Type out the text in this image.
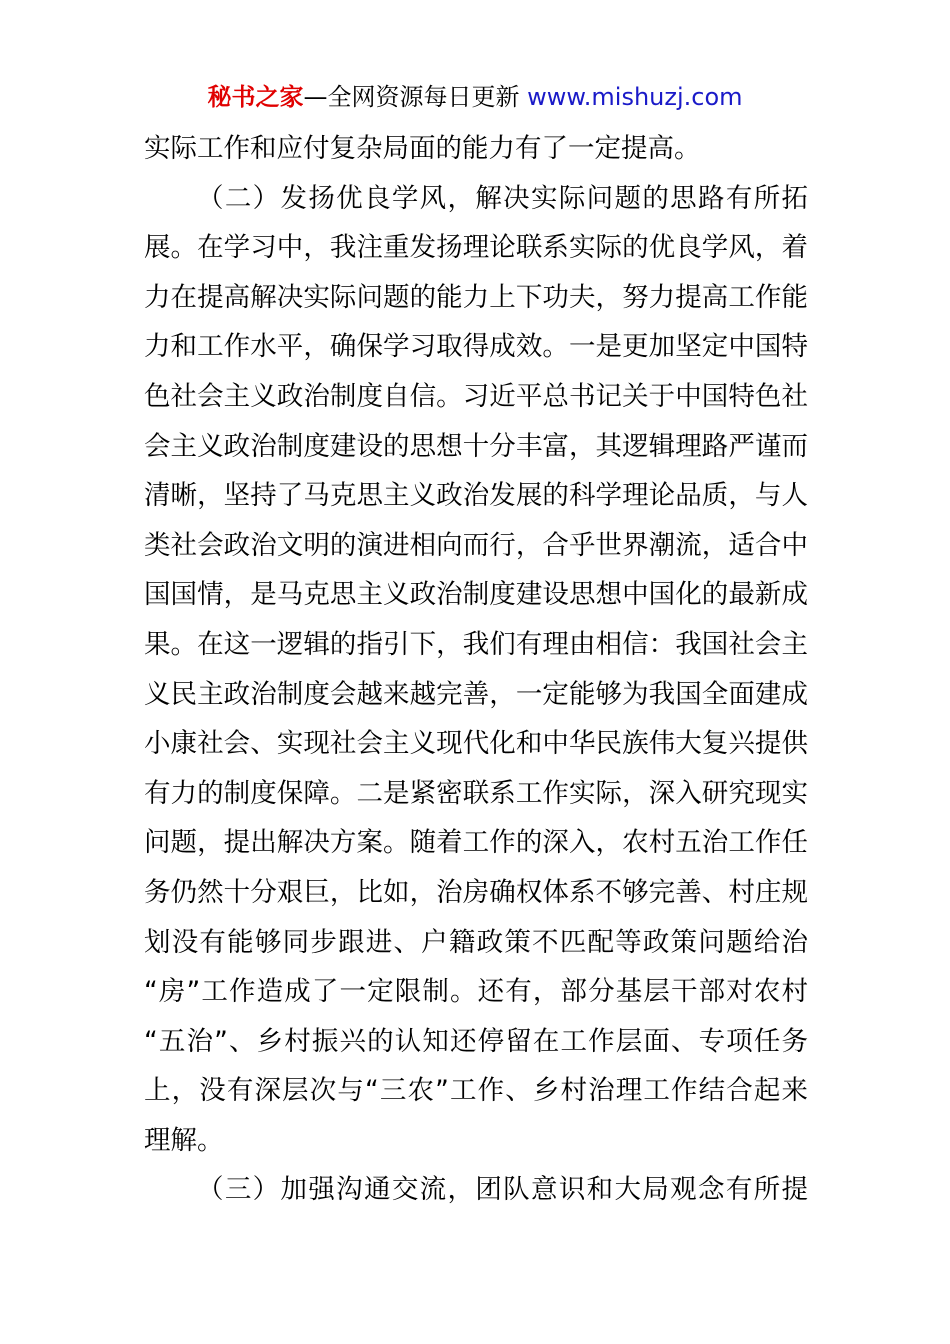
秘书之家—全网资源每日更新 www.mishuzj.com
实际工作和应付复杂局面的能力有了一定提高。
（二）发扬优良学风，解决实际问题的思路有所拓
展。在学习中，我注重发扬理论联系实际的优良学风，着
力在提高解决实际问题的能力上下功夫，努力提高工作能
力和工作水平，确保学习取得成效。一是更加坚定中国特
色社会主义政治制度自信。习近平总书记关于中国特色社
会主义政治制度建设的思想十分丰富，其逻辑理路严谨而
清晰，坚持了马克思主义政治发展的科学理论品质，与人
类社会政治文明的演进相向而行，合乎世界潮流，适合中
国国情，是马克思主义政治制度建设思想中国化的最新成
果。在这一逻辑的指引下，我们有理由相信：我国社会主
义民主政治制度会越来越完善，一定能够为我国全面建成
小康社会、实现社会主义现代化和中华民族伟大复兴提供
有力的制度保障。二是紧密联系工作实际，深入研究现实
问题，提出解决方案。随着工作的深入，农村五治工作任
务仍然十分艰巨，比如，治房确权体系不够完善、村庄规
划没有能够同步跟进、户籍政策不匹配等政策问题给治
“房”工作造成了一定限制。还有，部分基层干部对农村
“五治”、乡村振兴的认知还停留在工作层面、专项任务
上，没有深层次与“三农”工作、乡村治理工作结合起来
理解。
（三）加强沟通交流，团队意识和大局观念有所提
